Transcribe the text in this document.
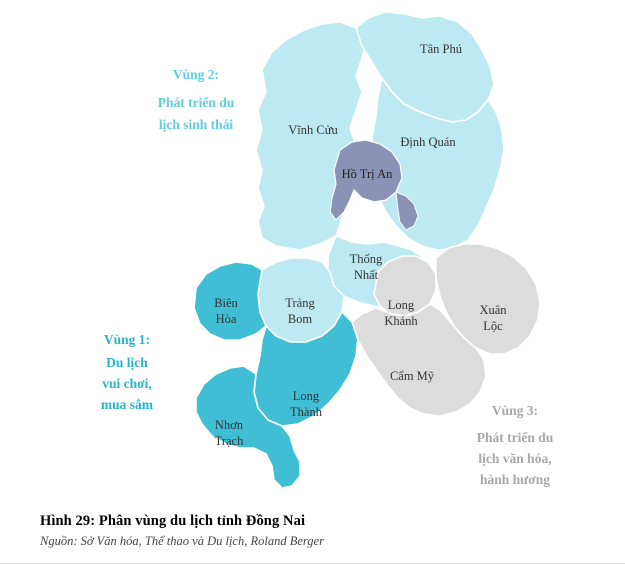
Tân Phú
Vĩnh Cửu
Định Quán
Thống
Nhất
Trảng
Bom
Biên
Hòa
Long
Khánh
Xuân
Lộc
Cẩm Mỹ
Long
Thành
Nhơn
Trạch
Hồ Trị An
Vùng 1:
Du lịch
vui chơi,
mua sắm
Vùng 2:
Phát triển du
lịch sinh thái
Vùng 3:
Phát triển du
lịch văn hóa,
hành hương

Hình 29: Phân vùng du lịch tỉnh Đồng Nai

Nguồn: Sở Văn hóa, Thể thao và Du lịch, Roland Berger
